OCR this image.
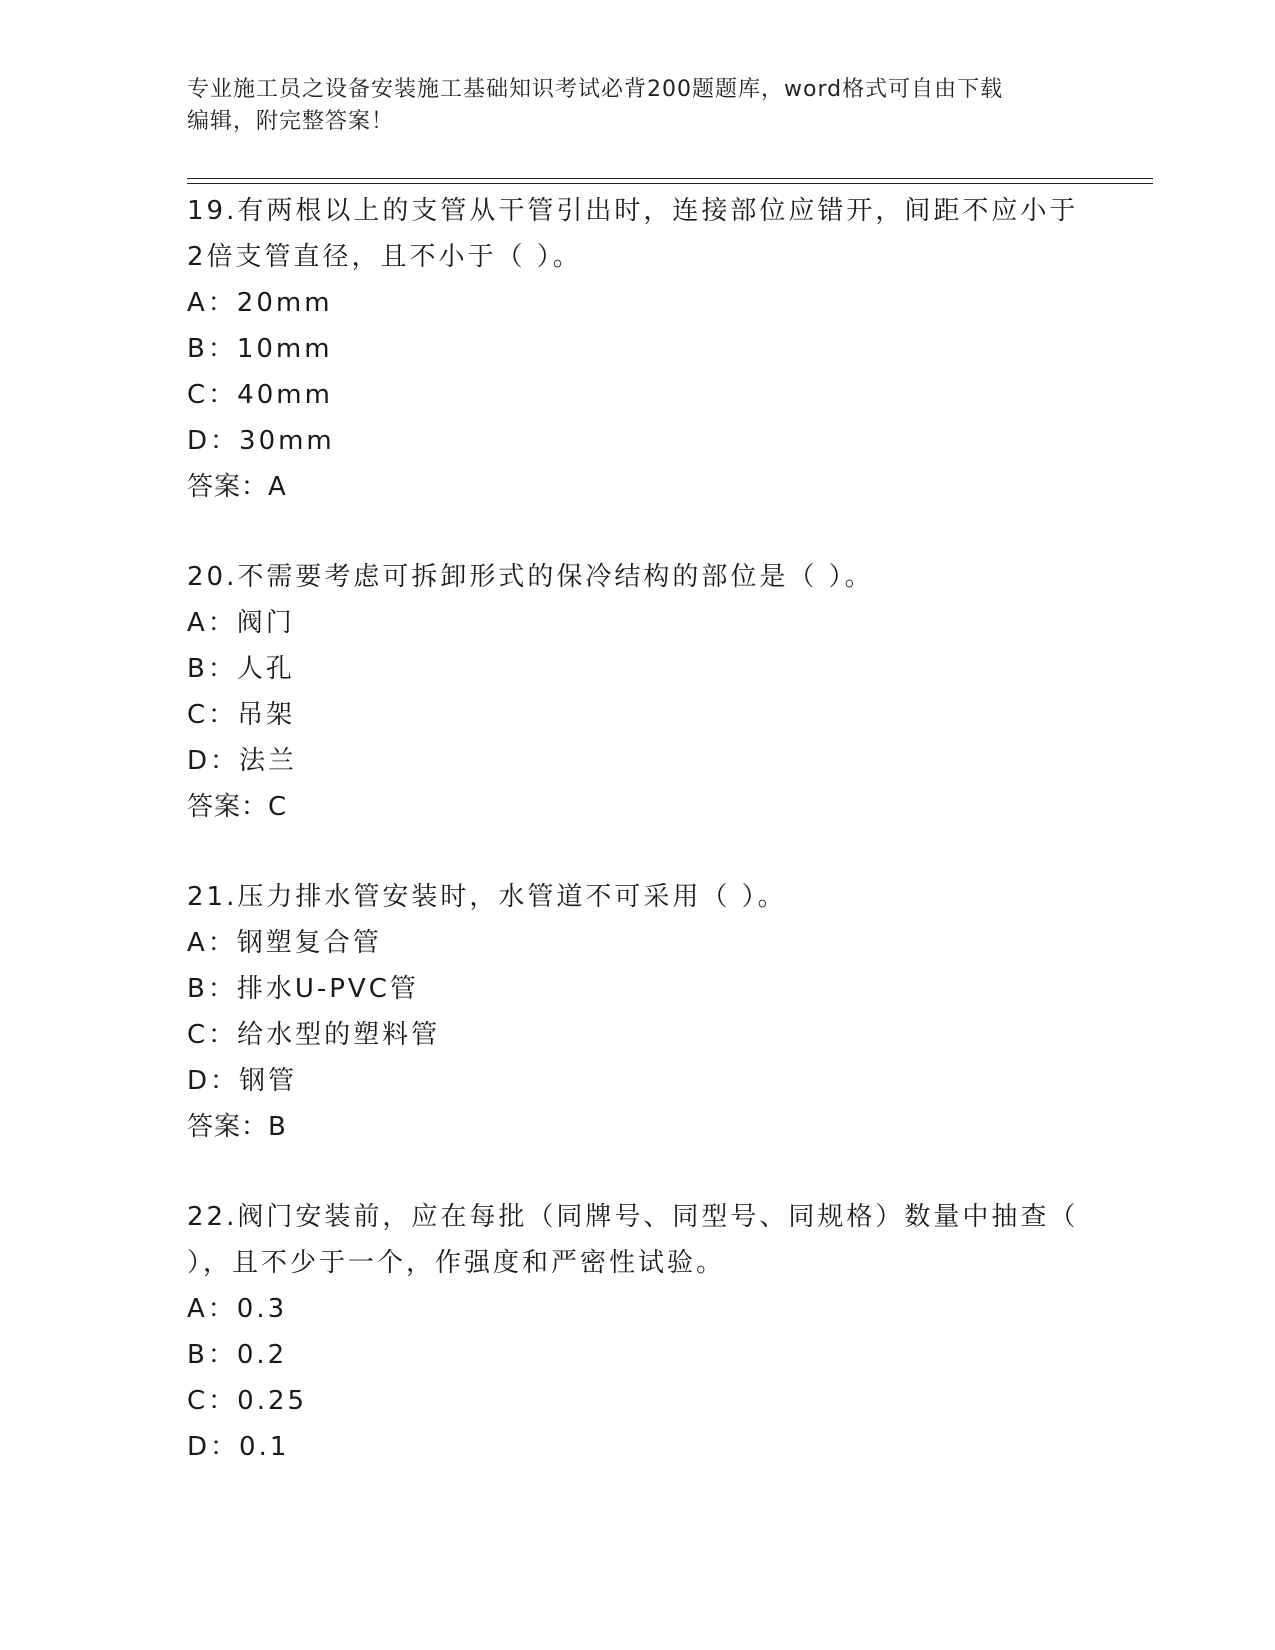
专业施工员之设备安装施工基础知识考试必背200题题库，word格式可自由下载
编辑，附完整答案！
19.有两根以上的支管从干管引出时，连接部位应错开，间距不应小于
2倍支管直径，且不小于（ ）。
A：20mm
B：10mm
C：40mm
D：30mm
答案：A
20.不需要考虑可拆卸形式的保冷结构的部位是（ ）。
A：阀门
B：人孔
C：吊架
D：法兰
答案：C
21.压力排水管安装时，水管道不可采用（ ）。
A：钢塑复合管
B：排水U-PVC管
C：给水型的塑料管
D：钢管
答案：B
22.阀门安装前，应在每批（同牌号、同型号、同规格）数量中抽查（
），且不少于一个，作强度和严密性试验。
A：0.3
B：0.2
C：0.25
D：0.1
